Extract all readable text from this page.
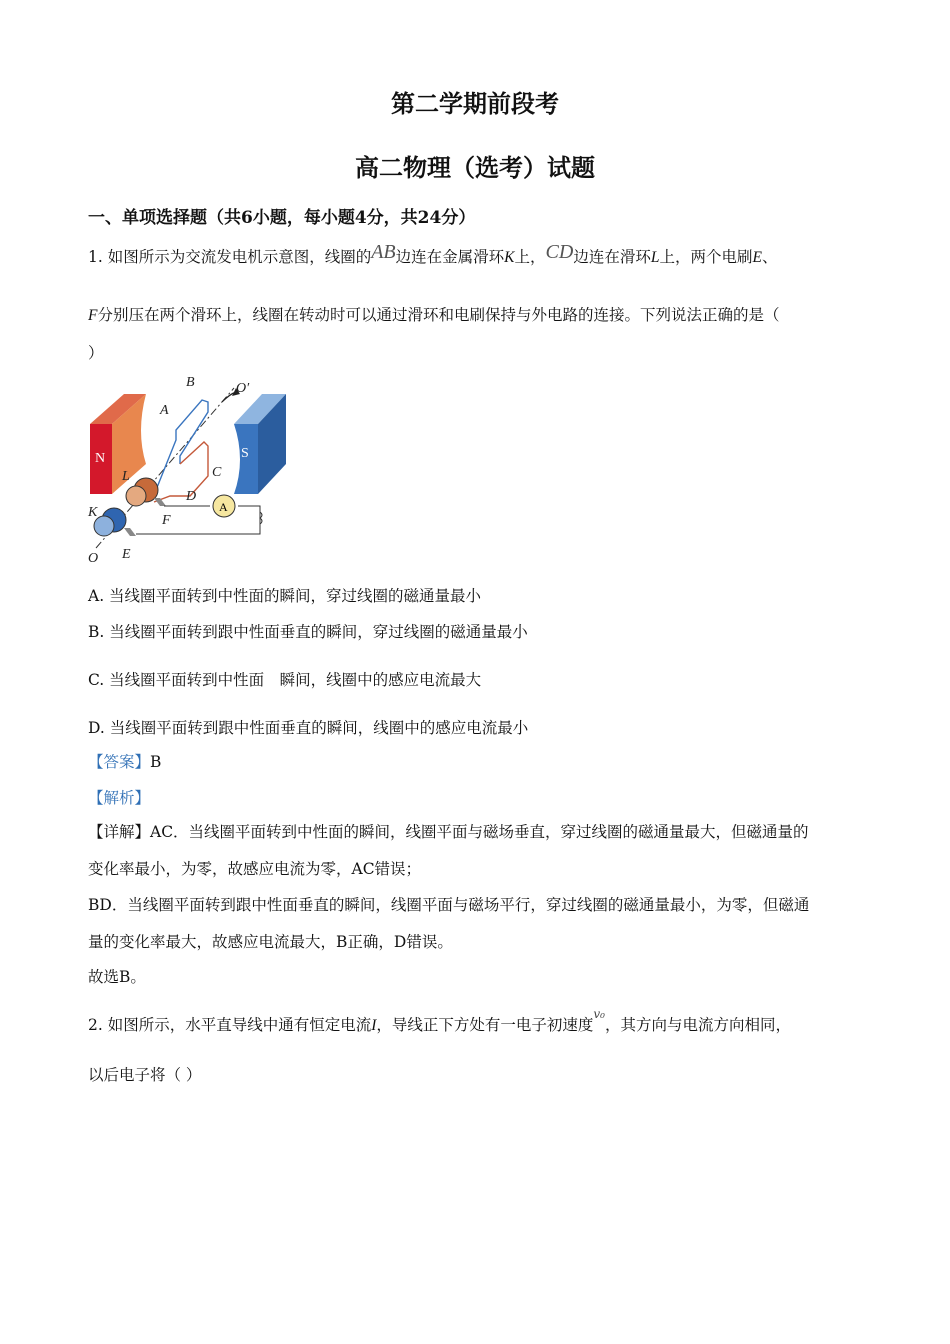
第二学期前段考
高二物理（选考）试题
一、单项选择题（共6小题，每小题4分，共24分）
1. 如图所示为交流发电机示意图，线圈的AB边连在金属滑环K上，CD边连在滑环L上，两个电刷E、
F分别压在两个滑环上，线圈在转动时可以通过滑环和电刷保持与外电路的连接。下列说法正确的是（
）
N	S
A
B
A
O′
C
D
L
K
F
O E
A. 当线圈平面转到中性面的瞬间，穿过线圈的磁通量最小
B. 当线圈平面转到跟中性面垂直的瞬间，穿过线圈的磁通量最小
C. 当线圈平面转到中性面　瞬间，线圈中的感应电流最大
D. 当线圈平面转到跟中性面垂直的瞬间，线圈中的感应电流最小
【答案】B
【解析】
【详解】AC．当线圈平面转到中性面的瞬间，线圈平面与磁场垂直，穿过线圈的磁通量最大，但磁通量的
变化率最小，为零，故感应电流为零，AC错误；
BD．当线圈平面转到跟中性面垂直的瞬间，线圈平面与磁场平行，穿过线圈的磁通量最小，为零，但磁通
量的变化率最大，故感应电流最大，B正确，D错误。
故选B。
2. 如图所示，水平直导线中通有恒定电流I，导线正下方处有一电子初速度$^{v_0}$，其方向与电流方向相同，
以后电子将（ ）
